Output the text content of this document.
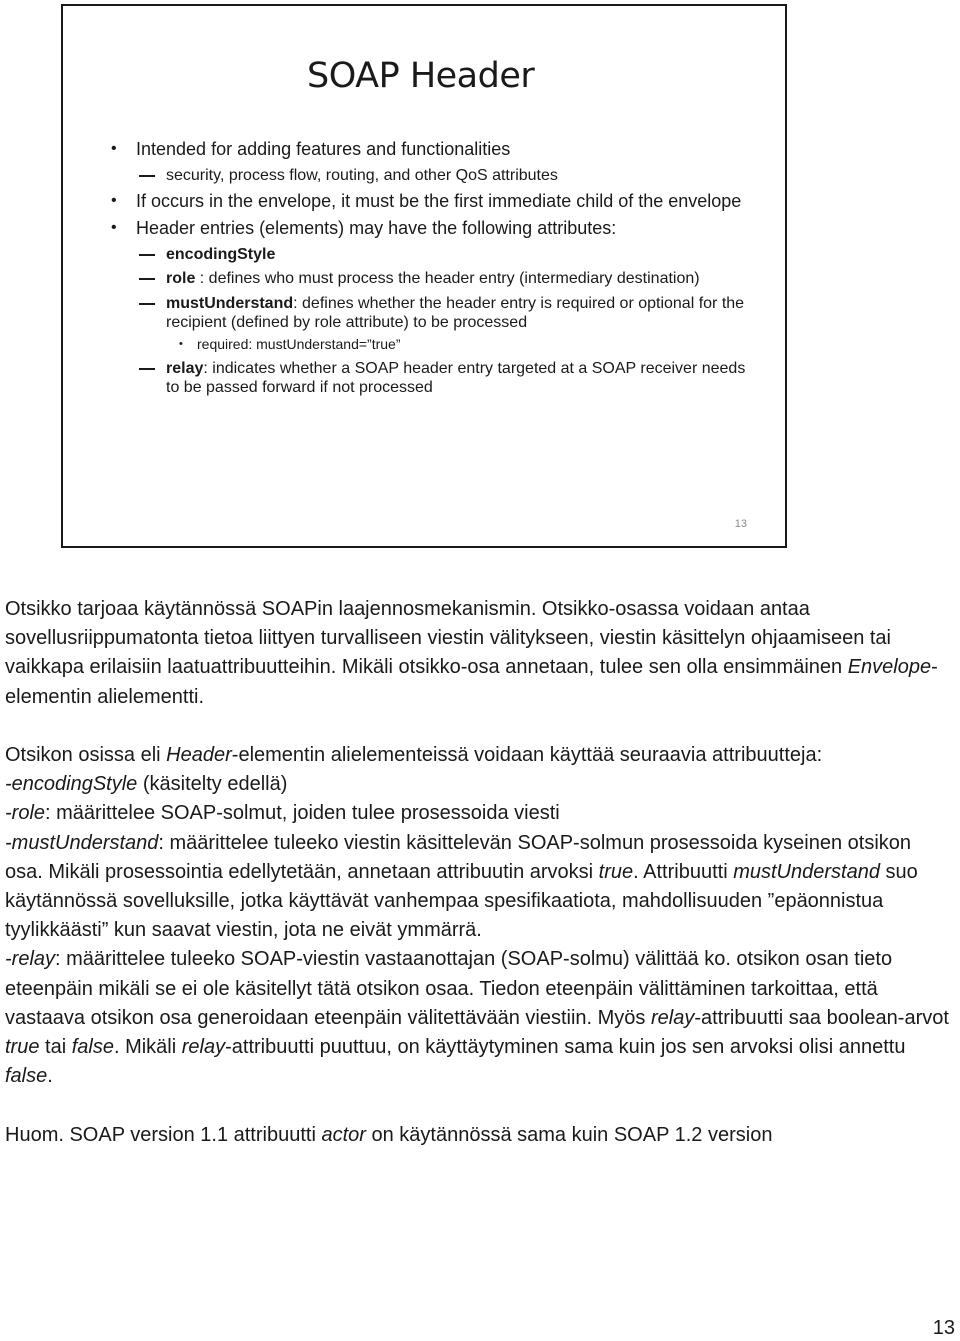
SOAP Header
• Intended for adding features and functionalities
security, process flow, routing, and other QoS attributes
• If occurs in the envelope, it must be the first immediate child of the envelope
• Header entries (elements) may have the following attributes:
encodingStyle
role : defines who must process the header entry (intermediary destination)
mustUnderstand: defines whether the header entry is required or optional for the recipient (defined by role attribute) to be processed
• required: mustUnderstand=”true”
relay: indicates whether a SOAP header entry targeted at a SOAP receiver needs to be passed forward if not processed
13

Otsikko tarjoaa käytännössä SOAPin laajennosmekanismin. Otsikko-osassa voidaan antaa sovellusriippumatonta tietoa liittyen turvalliseen viestin välitykseen, viestin käsittelyn ohjaamiseen tai vaikkapa erilaisiin laatuattribuutteihin. Mikäli otsikko-osa annetaan, tulee sen olla ensimmäinen Envelope-elementin alielementti.

Otsikon osissa eli Header-elementin alielementeissä voidaan käyttää seuraavia attribuutteja:

-encodingStyle (käsitelty edellä)

-role: määrittelee SOAP-solmut, joiden tulee prosessoida viesti

-mustUnderstand: määrittelee tuleeko viestin käsittelevän SOAP-solmun prosessoida kyseinen otsikon osa. Mikäli prosessointia edellytetään, annetaan attribuutin arvoksi true. Attribuutti mustUnderstand suo käytännössä sovelluksille, jotka käyttävät vanhempaa spesifikaatiota, mahdollisuuden ”epäonnistua tyylikkäästi” kun saavat viestin, jota ne eivät ymmärrä.

-relay: määrittelee tuleeko SOAP-viestin vastaanottajan (SOAP-solmu) välittää ko. otsikon osan tieto eteenpäin mikäli se ei ole käsitellyt tätä otsikon osaa. Tiedon eteenpäin välittäminen tarkoittaa, että vastaava otsikon osa generoidaan eteenpäin välitettävään viestiin. Myös relay-attribuutti saa boolean-arvot true tai false. Mikäli relay-attribuutti puuttuu, on käyttäytyminen sama kuin jos sen arvoksi olisi annettu false.

Huom. SOAP version 1.1 attribuutti actor on käytännössä sama kuin SOAP 1.2 version

13
